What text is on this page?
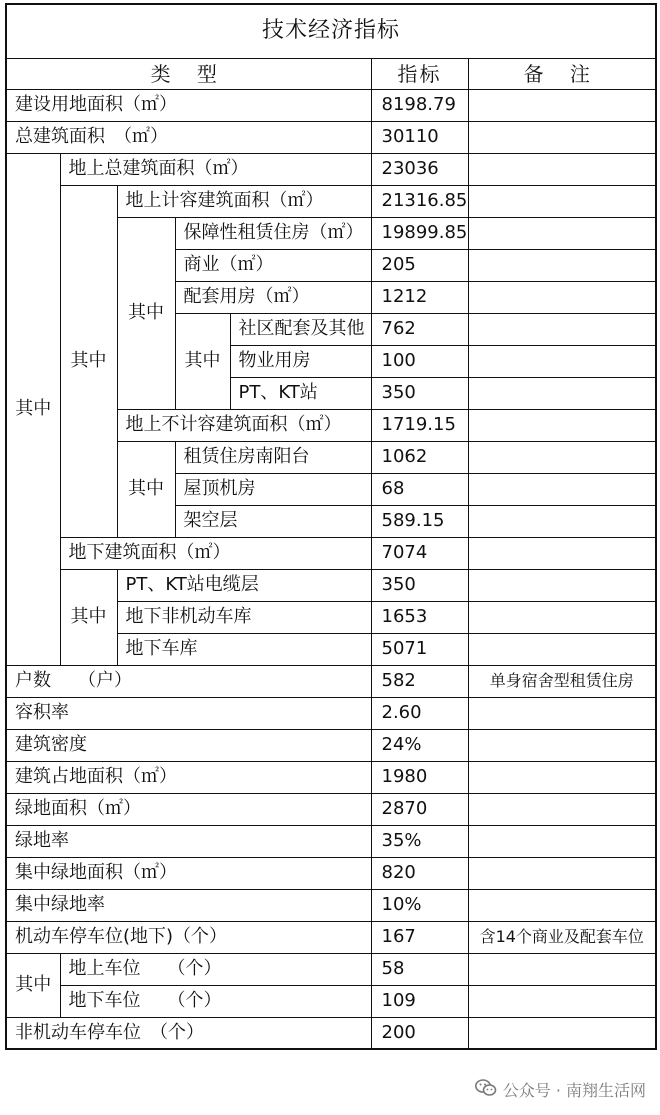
技术经济指标						
类 型					指标	备 注
建设用地面积（㎡）					8198.79	
总建筑面积　（㎡）					30110	
其中	地上总建筑面积（㎡）				23036	
	其中	地上计容建筑面积（㎡）			21316.85	
		其中	保障性租赁住房（㎡）		19899.85	
			商业（㎡）		205	
			配套用房（㎡）		1212	
			其中	社区配套及其他	762	
				物业用房	100	
				PT、KT站	350	
		地上不计容建筑面积（㎡）			1719.15	
		其中	租赁住房南阳台		1062	
			屋顶机房		68	
			架空层		589.15	
	地下建筑面积（㎡）				7074	
	其中	PT、KT站电缆层			350	
		地下非机动车库			1653	
		地下车库			5071	
户数　　（户）					582	单身宿舍型租赁住房
容积率					2.60	
建筑密度					24%	
建筑占地面积（㎡）					1980	
绿地面积（㎡）					2870	
绿地率					35%	
集中绿地面积（㎡）					820	
集中绿地率					10%	
机动车停车位(地下)（个）					167	含14个商业及配套车位
其中	地上车位　　（个）				58	
	地下车位　　（个）				109	
非机动车停车位　（个）					200	
公众号 · 南翔生活网
